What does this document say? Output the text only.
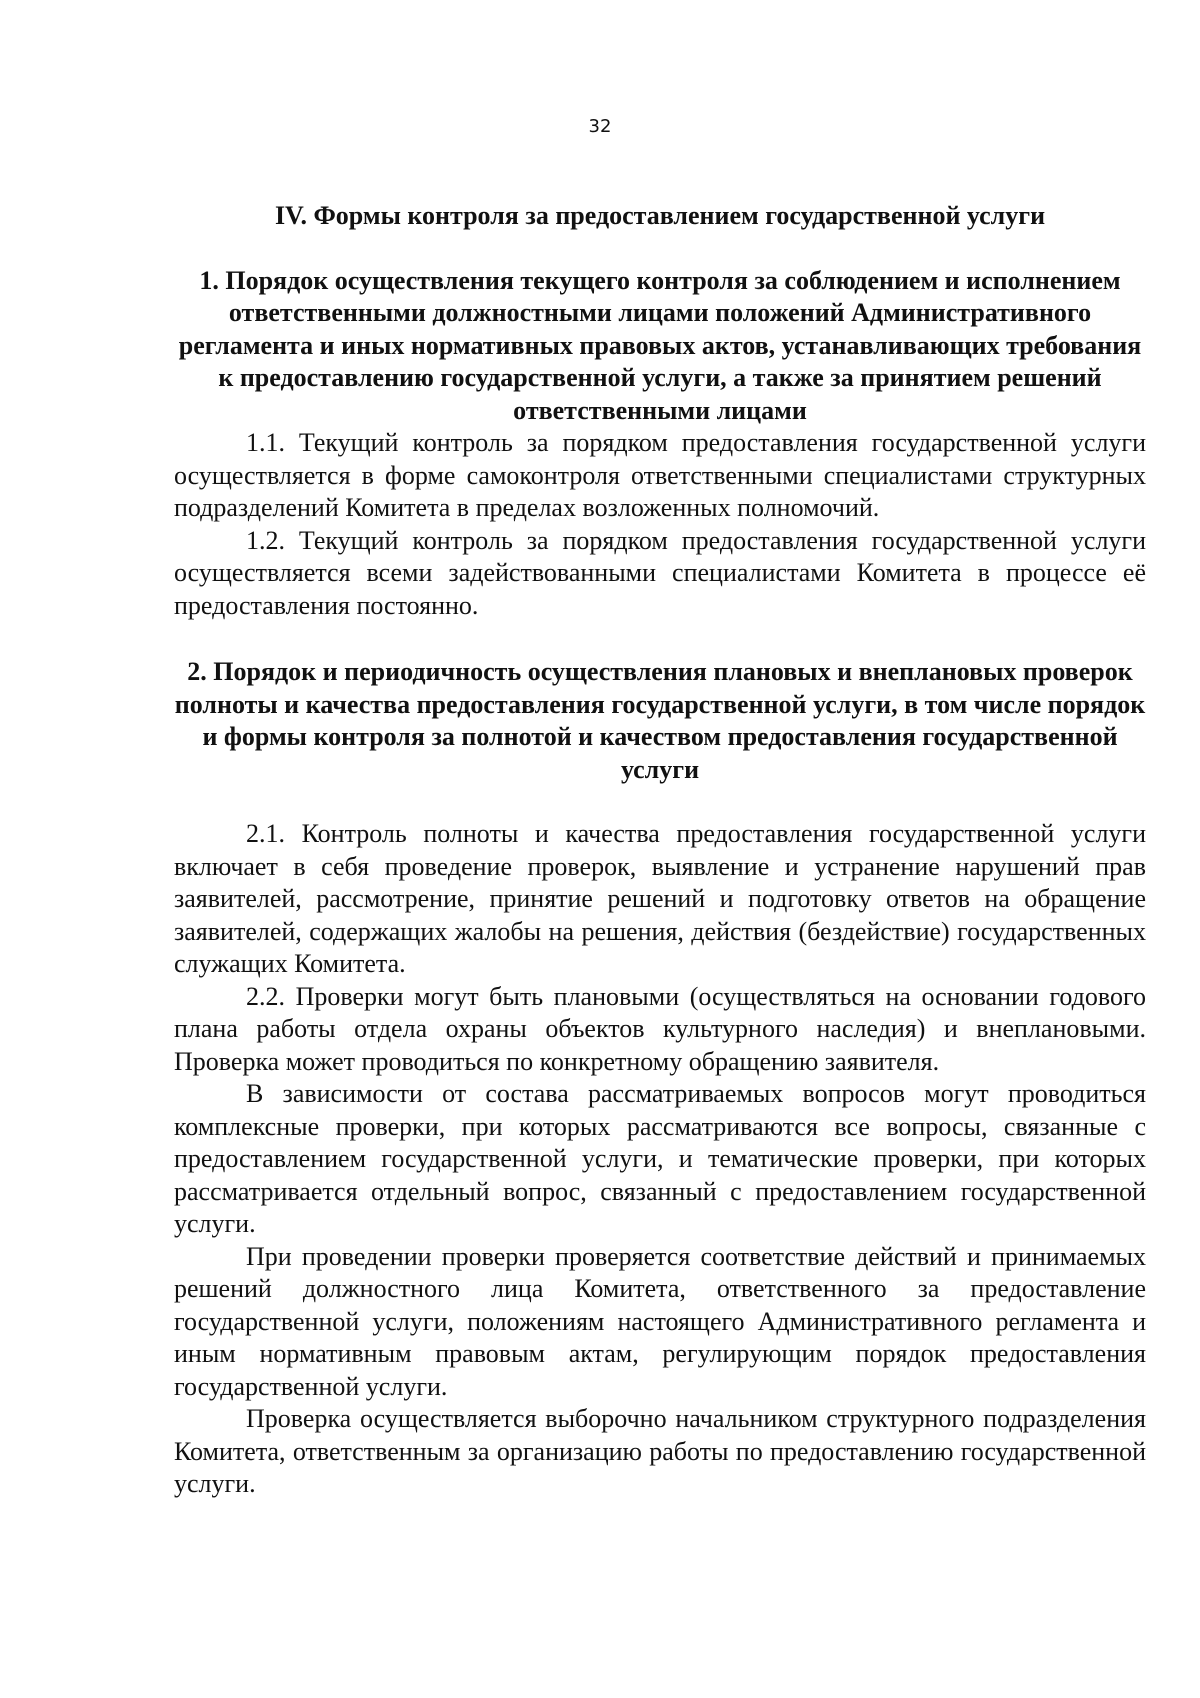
32

IV. Формы контроля за предоставлением государственной услуги

1. Порядок осуществления текущего контроля за соблюдением и исполнением ответственными должностными лицами положений Административного регламента и иных нормативных правовых актов, устанавливающих требования к предоставлению государственной услуги, а также за принятием решений ответственными лицами

1.1. Текущий контроль за порядком предоставления государственной услуги осуществляется в форме самоконтроля ответственными специалистами структурных подразделений Комитета в пределах возложенных полномочий.

1.2. Текущий контроль за порядком предоставления государственной услуги осуществляется всеми задействованными специалистами Комитета в процессе её предоставления постоянно.

2. Порядок и периодичность осуществления плановых и внеплановых проверок полноты и качества предоставления государственной услуги, в том числе порядок и формы контроля за полнотой и качеством предоставления государственной услуги

2.1. Контроль полноты и качества предоставления государственной услуги включает в себя проведение проверок, выявление и устранение нарушений прав заявителей, рассмотрение, принятие решений и подготовку ответов на обращение заявителей, содержащих жалобы на решения, действия (бездействие) государственных служащих Комитета.

2.2. Проверки могут быть плановыми (осуществляться на основании годового плана работы отдела охраны объектов культурного наследия) и внеплановыми. Проверка может проводиться по конкретному обращению заявителя.

В зависимости от состава рассматриваемых вопросов могут проводиться комплексные проверки, при которых рассматриваются все вопросы, связанные с предоставлением государственной услуги, и тематические проверки, при которых рассматривается отдельный вопрос, связанный с предоставлением государственной услуги.

При проведении проверки проверяется соответствие действий и принимаемых решений должностного лица Комитета, ответственного за предоставление государственной услуги, положениям настоящего Административного регламента и иным нормативным правовым актам, регулирующим порядок предоставления государственной услуги.

Проверка осуществляется выборочно начальником структурного подразделения Комитета, ответственным за организацию работы по предоставлению государственной услуги.
